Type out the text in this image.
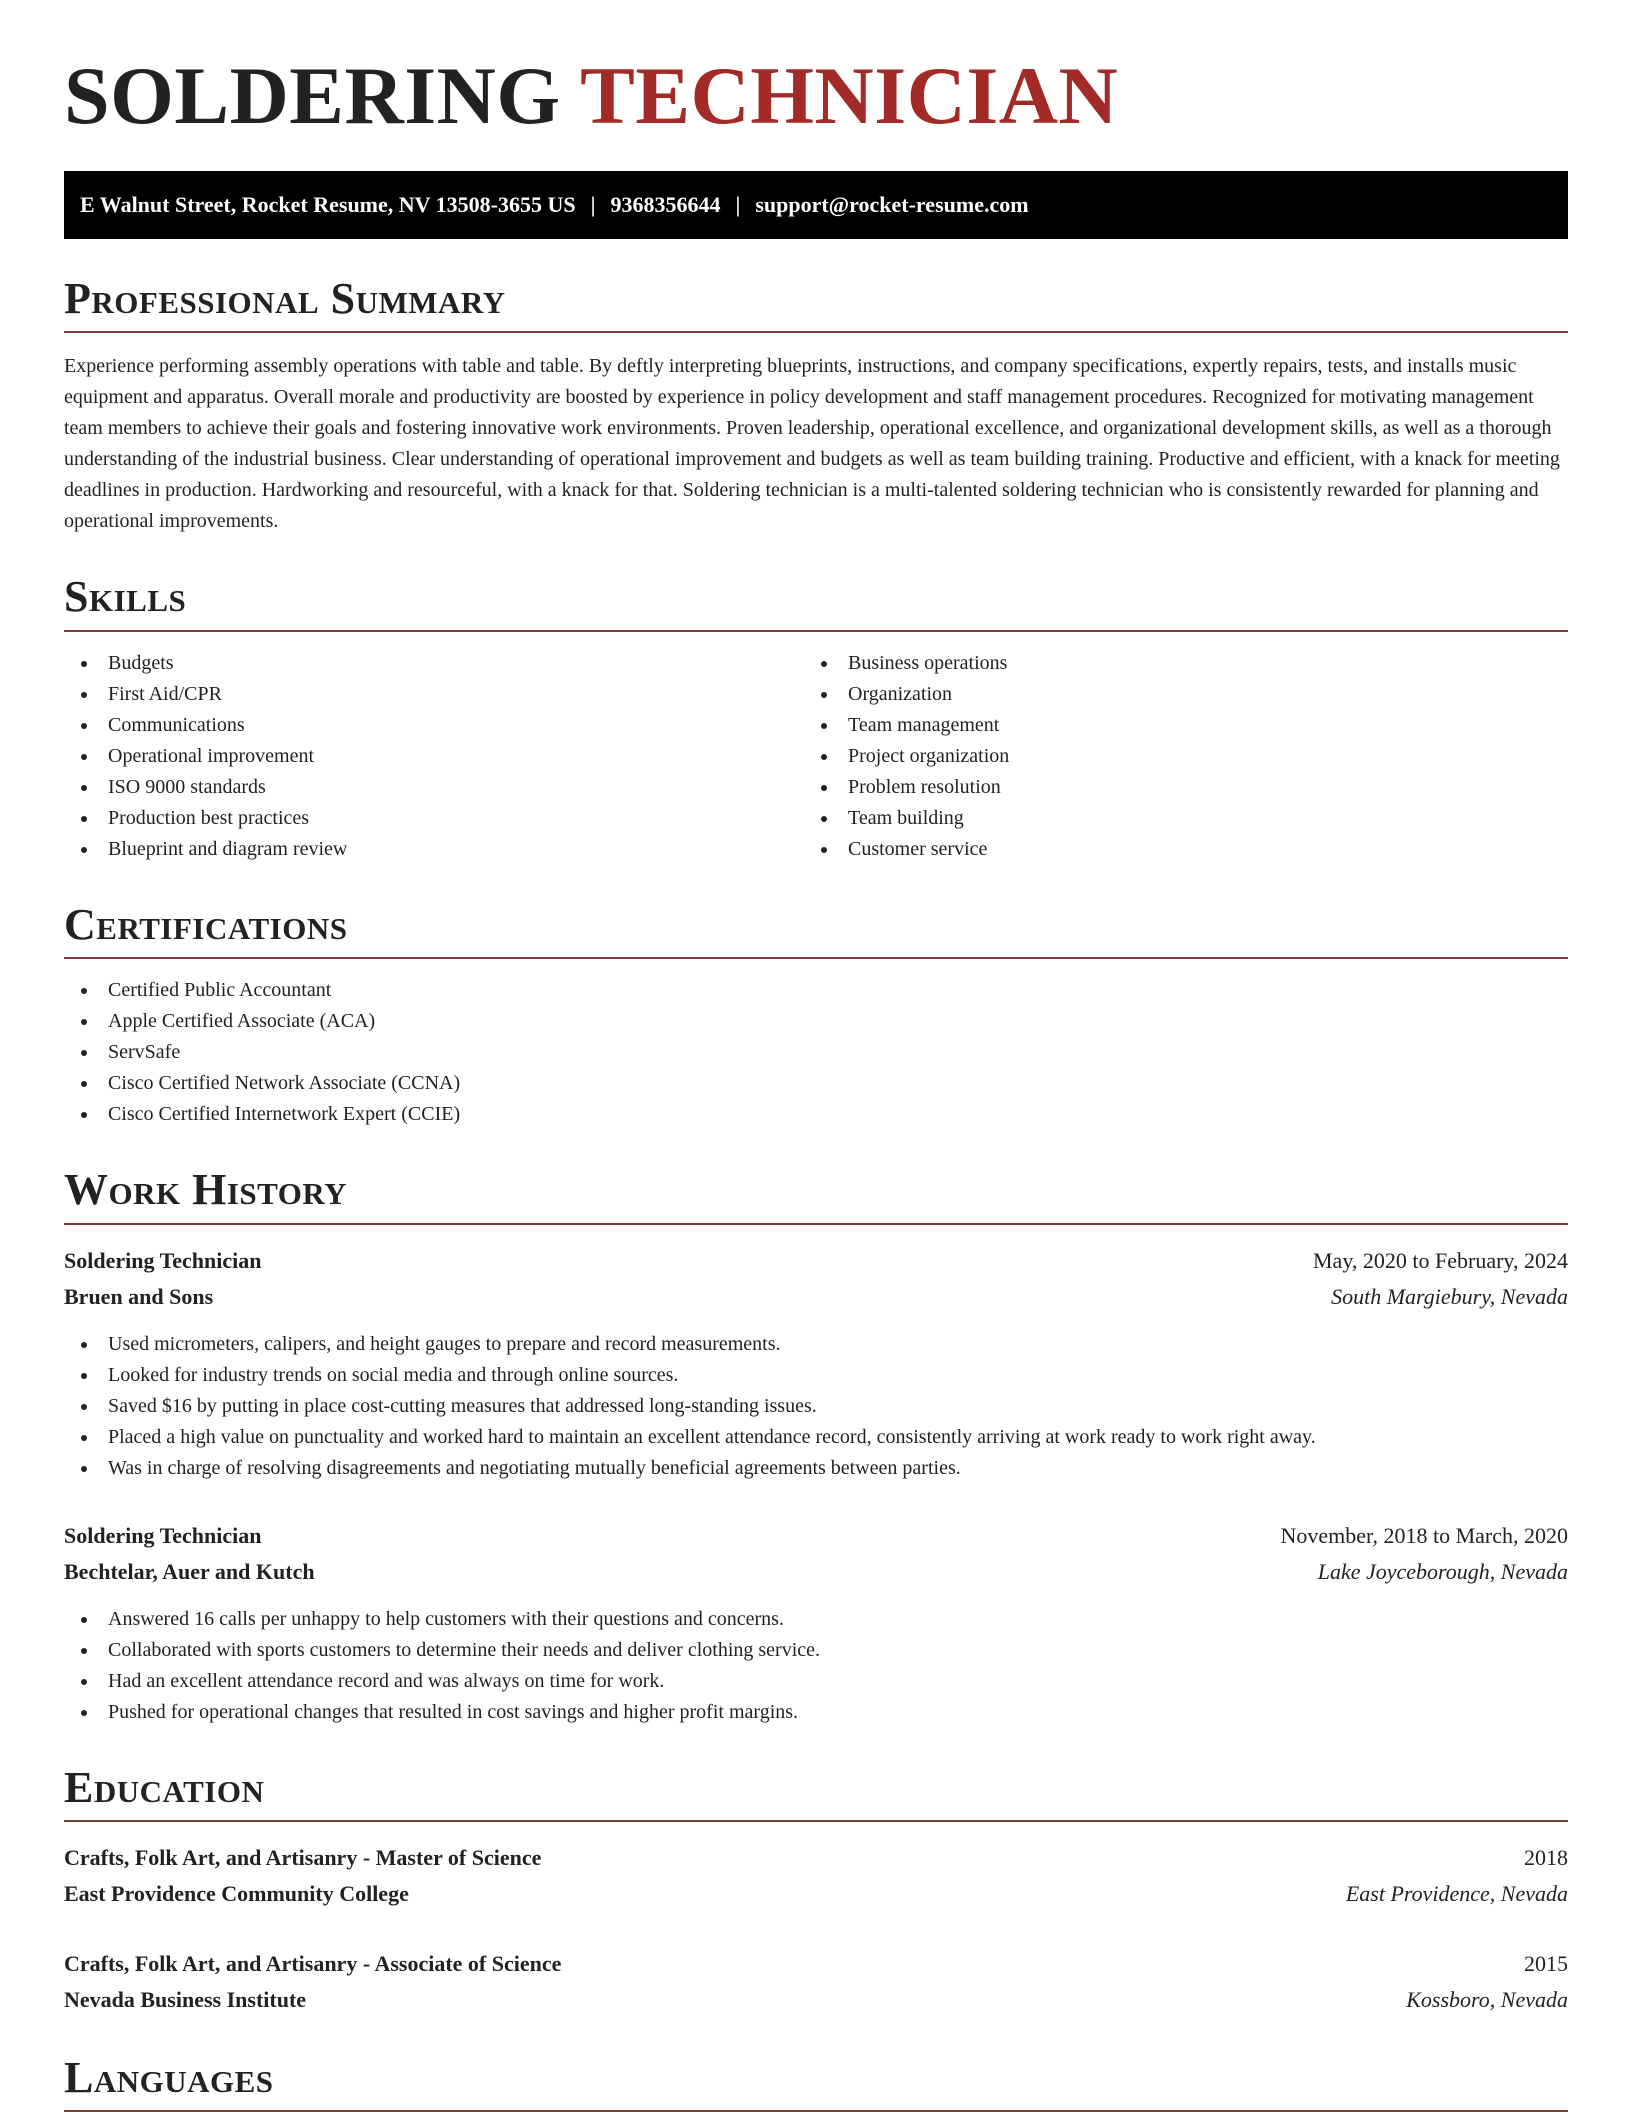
SOLDERING TECHNICIAN
E Walnut Street, Rocket Resume, NV 13508-3655 US | 9368356644 | support@rocket-resume.com
Professional Summary

Experience performing assembly operations with table and table. By deftly interpreting blueprints, instructions, and company specifications, expertly repairs, tests, and installs music equipment and apparatus. Overall morale and productivity are boosted by experience in policy development and staff management procedures. Recognized for motivating management team members to achieve their goals and fostering innovative work environments. Proven leadership, operational excellence, and organizational development skills, as well as a thorough understanding of the industrial business. Clear understanding of operational improvement and budgets as well as team building training. Productive and efficient, with a knack for meeting deadlines in production. Hardworking and resourceful, with a knack for that. Soldering technician is a multi-talented soldering technician who is consistently rewarded for planning and operational improvements.

Skills
Budgets
First Aid/CPR
Communications
Operational improvement
ISO 9000 standards
Production best practices
Blueprint and diagram review
Business operations
Organization
Team management
Project organization
Problem resolution
Team building
Customer service
Certifications
Certified Public Accountant
Apple Certified Associate (ACA)
ServSafe
Cisco Certified Network Associate (CCNA)
Cisco Certified Internetwork Expert (CCIE)
Work History
Soldering Technician	May, 2020 to February, 2024
Bruen and Sons	South Margiebury, Nevada
Used micrometers, calipers, and height gauges to prepare and record measurements.
Looked for industry trends on social media and through online sources.
Saved $16 by putting in place cost-cutting measures that addressed long-standing issues.
Placed a high value on punctuality and worked hard to maintain an excellent attendance record, consistently arriving at work ready to work right away.
Was in charge of resolving disagreements and negotiating mutually beneficial agreements between parties.
Soldering Technician	November, 2018 to March, 2020
Bechtelar, Auer and Kutch	Lake Joyceborough, Nevada
Answered 16 calls per unhappy to help customers with their questions and concerns.
Collaborated with sports customers to determine their needs and deliver clothing service.
Had an excellent attendance record and was always on time for work.
Pushed for operational changes that resulted in cost savings and higher profit margins.
Education
Crafts, Folk Art, and Artisanry - Master of Science	2018
East Providence Community College	East Providence, Nevada
Crafts, Folk Art, and Artisanry - Associate of Science	2015
Nevada Business Institute	Kossboro, Nevada
Languages
